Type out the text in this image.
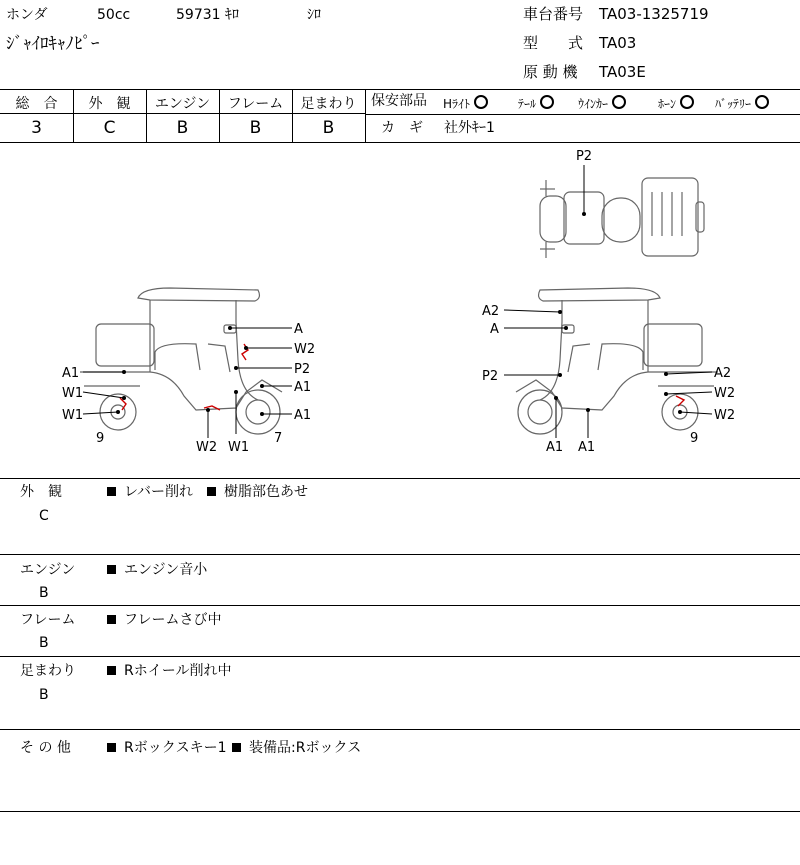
ホンダ	50cc	59731 ｷﾛ	ｼﾛ
ｼﾞｬｲﾛｷｬﾉﾋﾟｰ
車台番号 TA03-1325719
型　　式 TA03
原 動 機 TA03E
総　合	外　観	エンジン	フレーム	足まわり
3	C	B	B	B
保安部品 Hﾗｲﾄ	ﾃｰﾙ	ｳｲﾝｶｰ	ﾎｰﾝ	ﾊﾞｯﾃﾘｰ
カ　ギ 社外ｷｰ1
P2
A1
W1
W1
9
W2 W1
7
A1
A1
P2
W2
A
A2
A
P2
A1 A1
A2
W2
W2
9
外　観
C
レバー削れ	樹脂部色あせ
エンジン
B
エンジン音小
フレーム
B
フレームさび中
足まわり
B
Rホイール削れ中
そ の 他	Rボックスキー1	装備品:Rボックス
